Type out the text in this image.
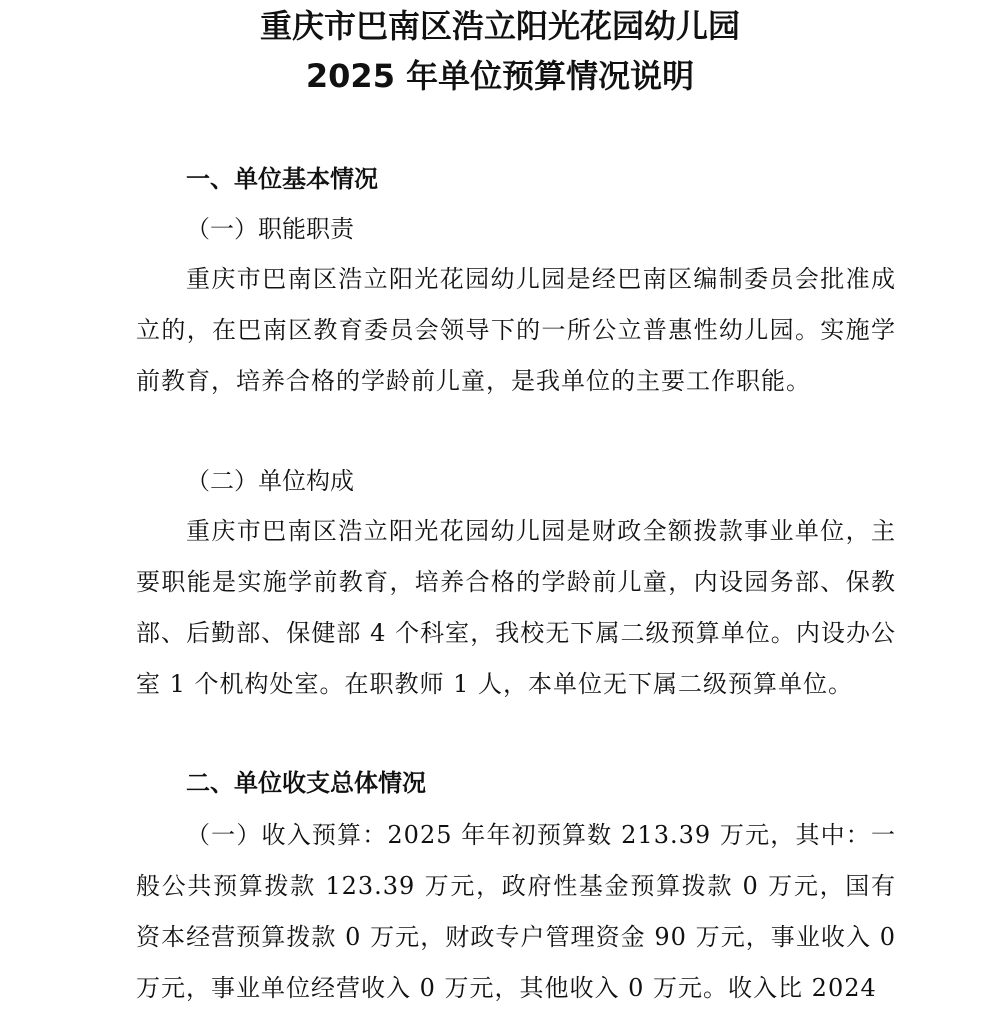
重庆市巴南区浩立阳光花园幼儿园
2025 年单位预算情况说明
一、单位基本情况
（一）职能职责

重庆市巴南区浩立阳光花园幼儿园是经巴南区编制委员会批准成立的，在巴南区教育委员会领导下的一所公立普惠性幼儿园。实施学前教育，培养合格的学龄前儿童，是我单位的主要工作职能。

（二）单位构成

重庆市巴南区浩立阳光花园幼儿园是财政全额拨款事业单位，主要职能是实施学前教育，培养合格的学龄前儿童，内设园务部、保教部、后勤部、保健部 4 个科室，我校无下属二级预算单位。内设办公室 1 个机构处室。在职教师 1 人，本单位无下属二级预算单位。

二、单位收支总体情况

（一）收入预算：2025 年年初预算数 213.39 万元，其中：一般公共预算拨款 123.39 万元，政府性基金预算拨款 0 万元，国有资本经营预算拨款 0 万元，财政专户管理资金 90 万元，事业收入 0 万元，事业单位经营收入 0 万元，其他收入 0 万元。收入比 2024
